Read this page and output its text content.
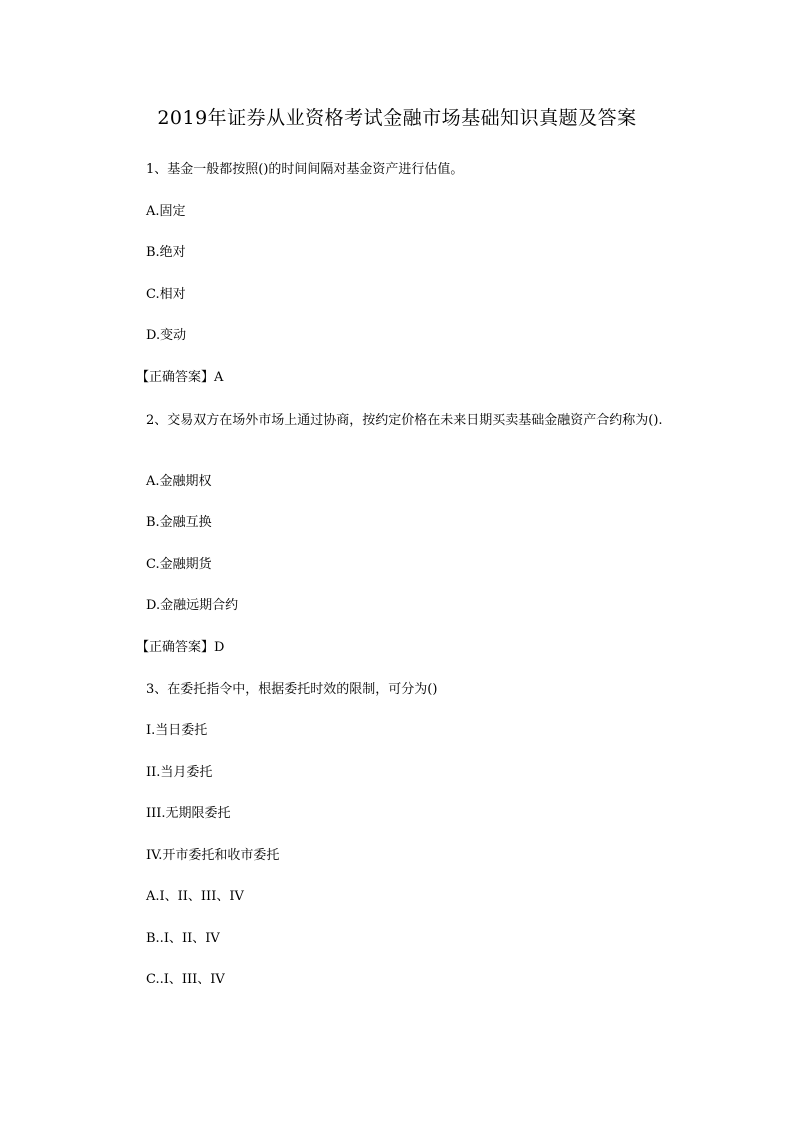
2019年证券从业资格考试金融市场基础知识真题及答案
1、基金一般都按照()的时间间隔对基金资产进行估值。
A.固定
B.绝对
C.相对
D.变动
【正确答案】A
2、交易双方在场外市场上通过协商，按约定价格在未来日期买卖基础金融资产合约称为().
A.金融期权
B.金融互换
C.金融期货
D.金融远期合约
【正确答案】D
3、在委托指令中，根据委托时效的限制，可分为()
I.当日委托
II.当月委托
III.无期限委托
IV.开市委托和收市委托
A.I、II、III、IV
B..I、II、IV
C..I、III、IV
